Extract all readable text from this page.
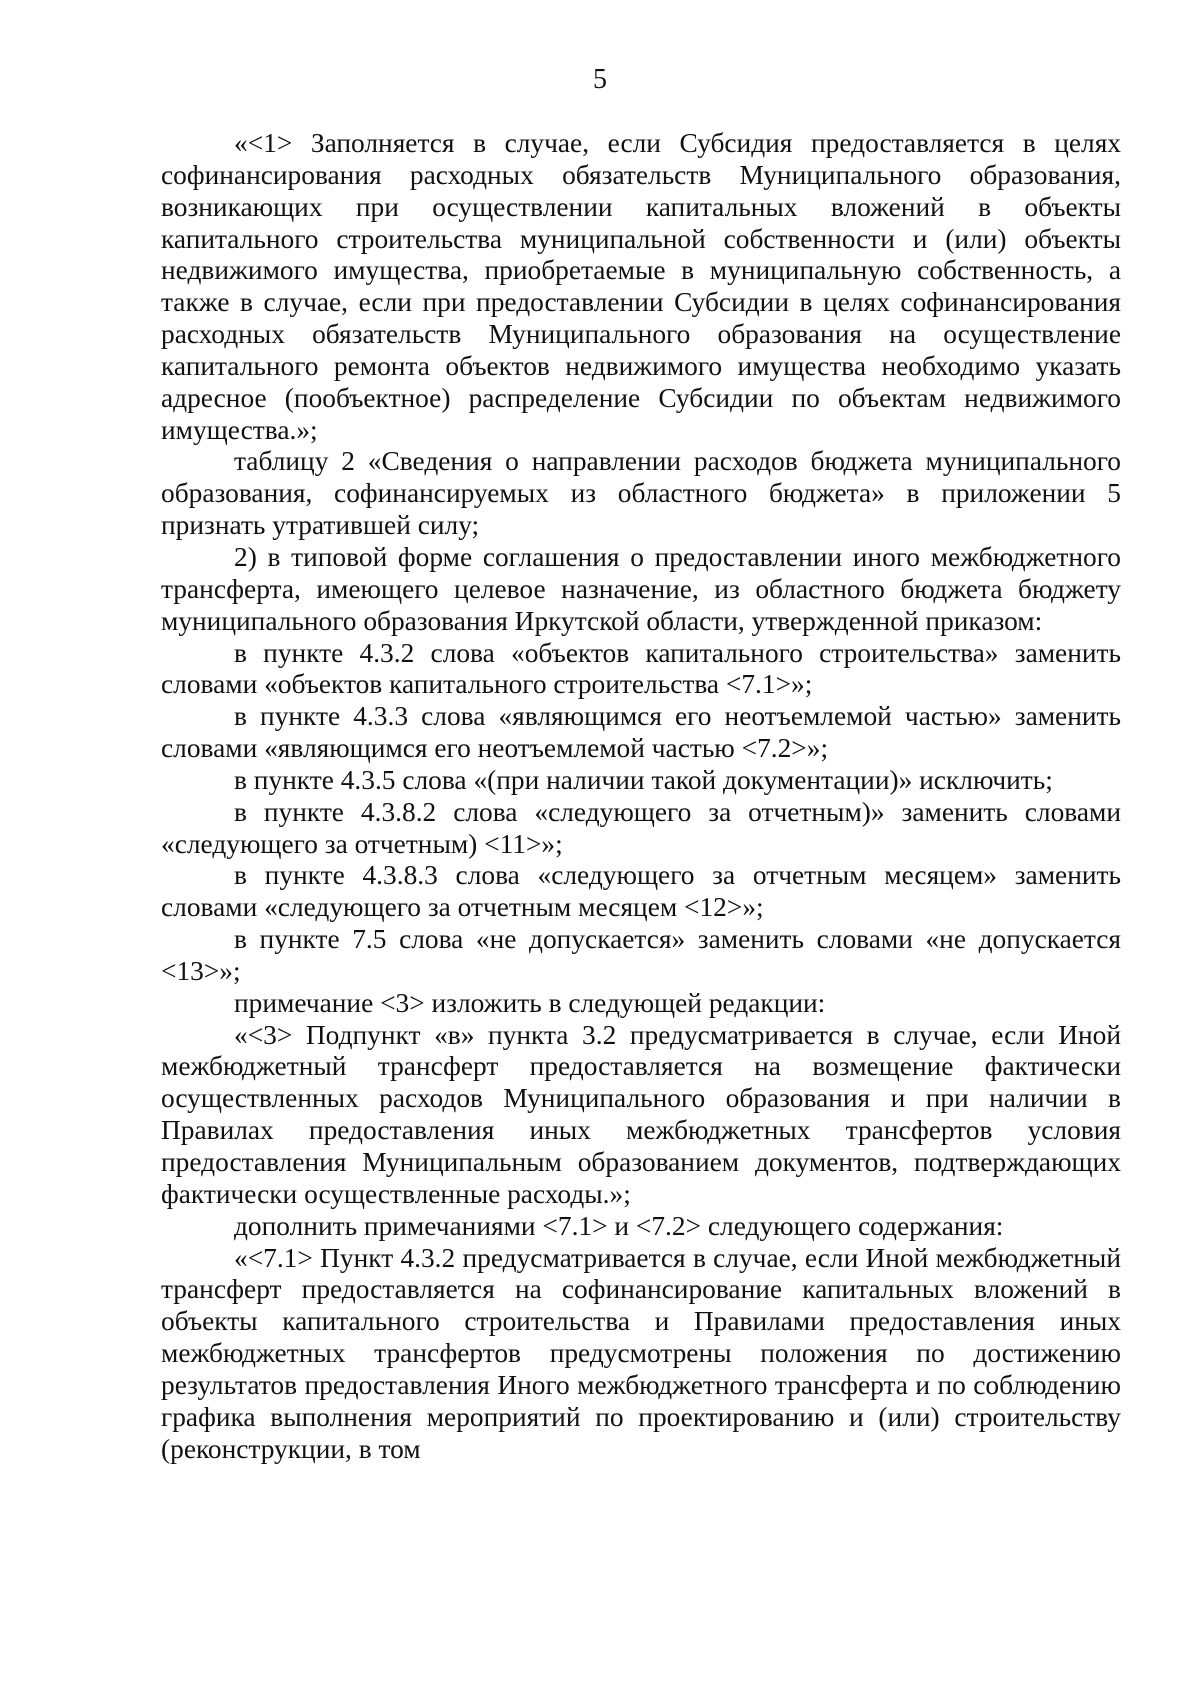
5

«<1> Заполняется в случае, если Субсидия предоставляется в целях софинансирования расходных обязательств Муниципального образования, возникающих при осуществлении капитальных вложений в объекты капитального строительства муниципальной собственности и (или) объекты недвижимого имущества, приобретаемые в муниципальную собственность, а также в случае, если при предоставлении Субсидии в целях софинансирования расходных обязательств Муниципального образования на осуществление капитального ремонта объектов недвижимого имущества необходимо указать адресное (пообъектное) распределение Субсидии по объектам недвижимого имущества.»;

таблицу 2 «Сведения о направлении расходов бюджета муниципального образования, софинансируемых из областного бюджета» в приложении 5 признать утратившей силу;

2) в типовой форме соглашения о предоставлении иного межбюджетного трансферта, имеющего целевое назначение, из областного бюджета бюджету муниципального образования Иркутской области, утвержденной приказом:

в пункте 4.3.2 слова «объектов капитального строительства» заменить словами «объектов капитального строительства <7.1>»;

в пункте 4.3.3 слова «являющимся его неотъемлемой частью» заменить словами «являющимся его неотъемлемой частью <7.2>»;

в пункте 4.3.5 слова «(при наличии такой документации)» исключить;

в пункте 4.3.8.2 слова «следующего за отчетным)» заменить словами «следующего за отчетным) <11>»;

в пункте 4.3.8.3 слова «следующего за отчетным месяцем» заменить словами «следующего за отчетным месяцем <12>»;

в пункте 7.5 слова «не допускается» заменить словами «не допускается <13>»;

примечание <3> изложить в следующей редакции:

«<3> Подпункт «в» пункта 3.2 предусматривается в случае, если Иной межбюджетный трансферт предоставляется на возмещение фактически осуществленных расходов Муниципального образования и при наличии в Правилах предоставления иных межбюджетных трансфертов условия предоставления Муниципальным образованием документов, подтверждающих фактически осуществленные расходы.»;

дополнить примечаниями <7.1> и <7.2> следующего содержания:

«<7.1> Пункт 4.3.2 предусматривается в случае, если Иной межбюджетный трансферт предоставляется на софинансирование капитальных вложений в объекты капитального строительства и Правилами предоставления иных межбюджетных трансфертов предусмотрены положения по достижению результатов предоставления Иного межбюджетного трансферта и по соблюдению графика выполнения мероприятий по проектированию и (или) строительству (реконструкции, в том
